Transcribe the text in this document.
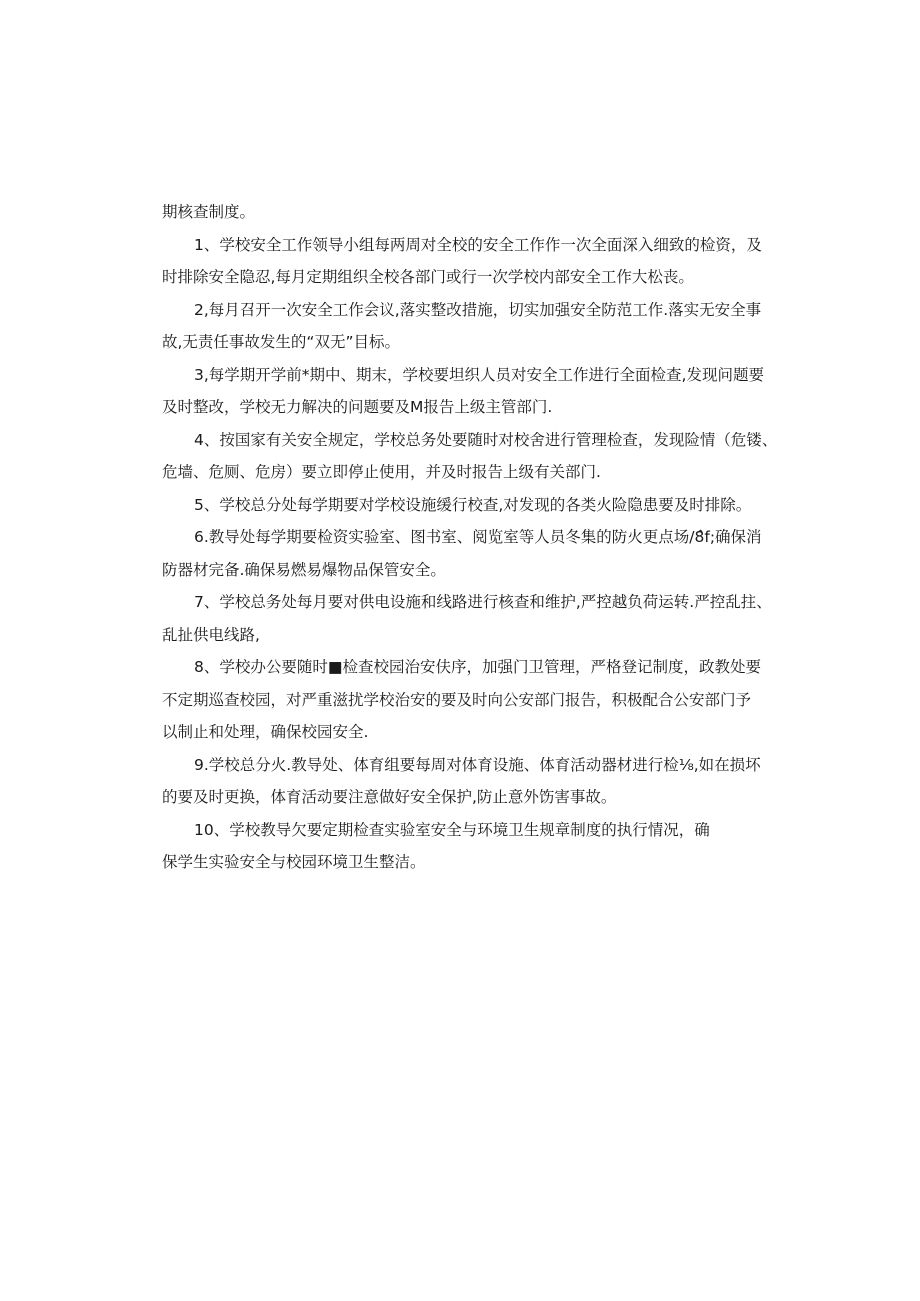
期核查制度。
1、学校安全工作领导小组每两周对全校的安全工作作一次全面深入细致的检资，及
时排除安全隐忍,每月定期组织全校各部门或行一次学校内部安全工作大松丧。
2,每月召开一次安全工作会议,落实整改措施，切实加强安全防范工作.落实无安全事
故,无责任事故发生的“双无”目标。
3,每学期开学前*期中、期末，学校要坦织人员对安全工作进行全面检查,发现问题要
及时整改，学校无力解决的问题要及M报告上级主管部门.
4、按国家有关安全规定，学校总务处要随时对校舍进行管理检查，发现险情（危镂、
危墙、危厕、危房）要立即停止使用，并及时报告上级有关部门.
5、学校总分处每学期要对学校设施缓行校查,对发现的各类火险隐患要及时排除。
6.教导处每学期要检资实验室、图书室、阅览室等人员冬集的防火更点场/8̂f;确保消
防器材完备.确保易燃易爆物品保管安全。
7、学校总务处每月要对供电设施和线路进行核查和维护,严控越负荷运转.严控乱拄、
乱扯供电线路,
8、学校办公要随时■检查校园治安伕序，加强门卫管理，严格登记制度，政教处要
不定期巡查校园，对严重滋扰学校治安的要及时向公安部门报告，积极配合公安部门予
以制止和处理，确保校园安全.
9.学校总分火.教导处、体育组要每周对体育设施、体育活动器材进行检⅛,如在损坏
的要及时更换，体育活动要注意做好安全保护,防止意外饬害事故。
10、学校教导欠要定期检查实验室安全与环境卫生规章制度的执行情况，确
保学生实验安全与校园环境卫生整洁。
